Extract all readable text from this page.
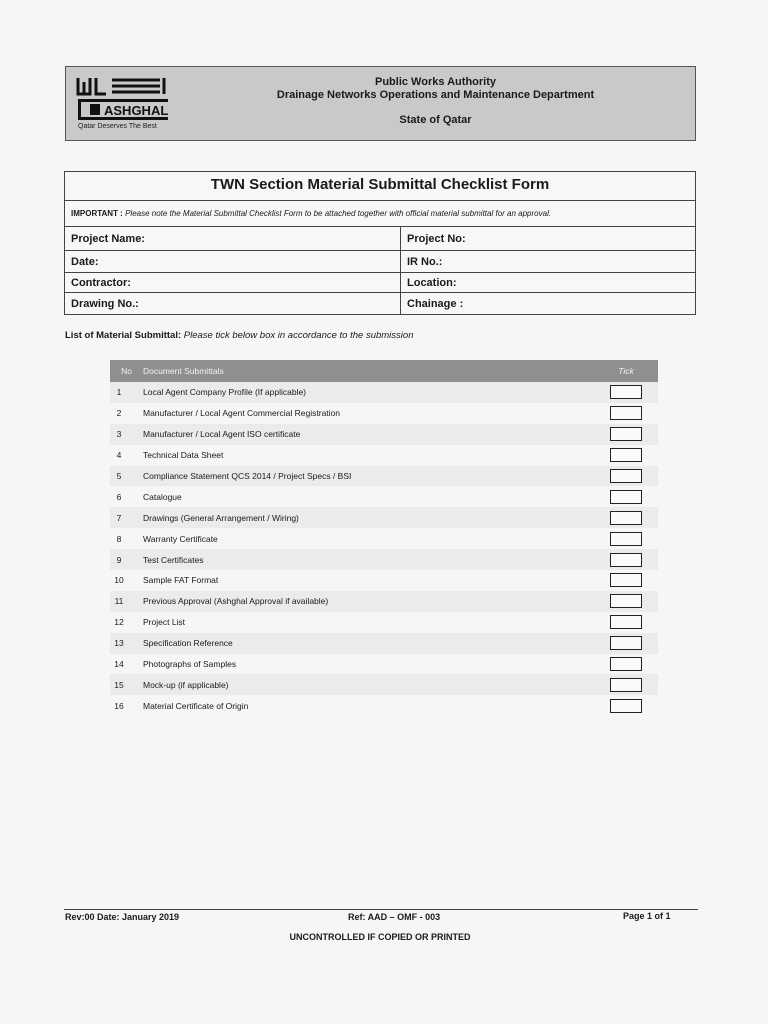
ASHGHAL
Qatar Deserves The Best
Public Works Authority
Drainage Networks Operations and Maintenance Department
State of Qatar
TWN Section Material Submittal Checklist Form
IMPORTANT : Please note the Material Submittal Checklist Form to be attached together with official material submittal for an approval.
Project Name:	Project No:
Date:	IR No.:
Contractor:	Location:
Drawing No.:	Chainage :
List of Material Submittal: Please tick below box in accordance to the submission
No	Document Submittals	Tick
1	Local Agent Company Profile (If applicable)
2	Manufacturer / Local Agent Commercial Registration
3	Manufacturer / Local Agent ISO certificate
4	Technical Data Sheet
5	Compliance Statement QCS 2014 / Project Specs / BSI
6	Catalogue
7	Drawings (General Arrangement / Wiring)
8	Warranty Certificate
9	Test Certificates
10	Sample FAT Format
11	Previous Approval (Ashghal Approval if available)
12	Project List
13	Specification Reference
14	Photographs of Samples
15	Mock-up (if applicable)
16	Material Certificate of Origin
Rev:00 Date: January 2019	Ref: AAD – OMF - 003	Page 1 of 1
UNCONTROLLED IF COPIED OR PRINTED
